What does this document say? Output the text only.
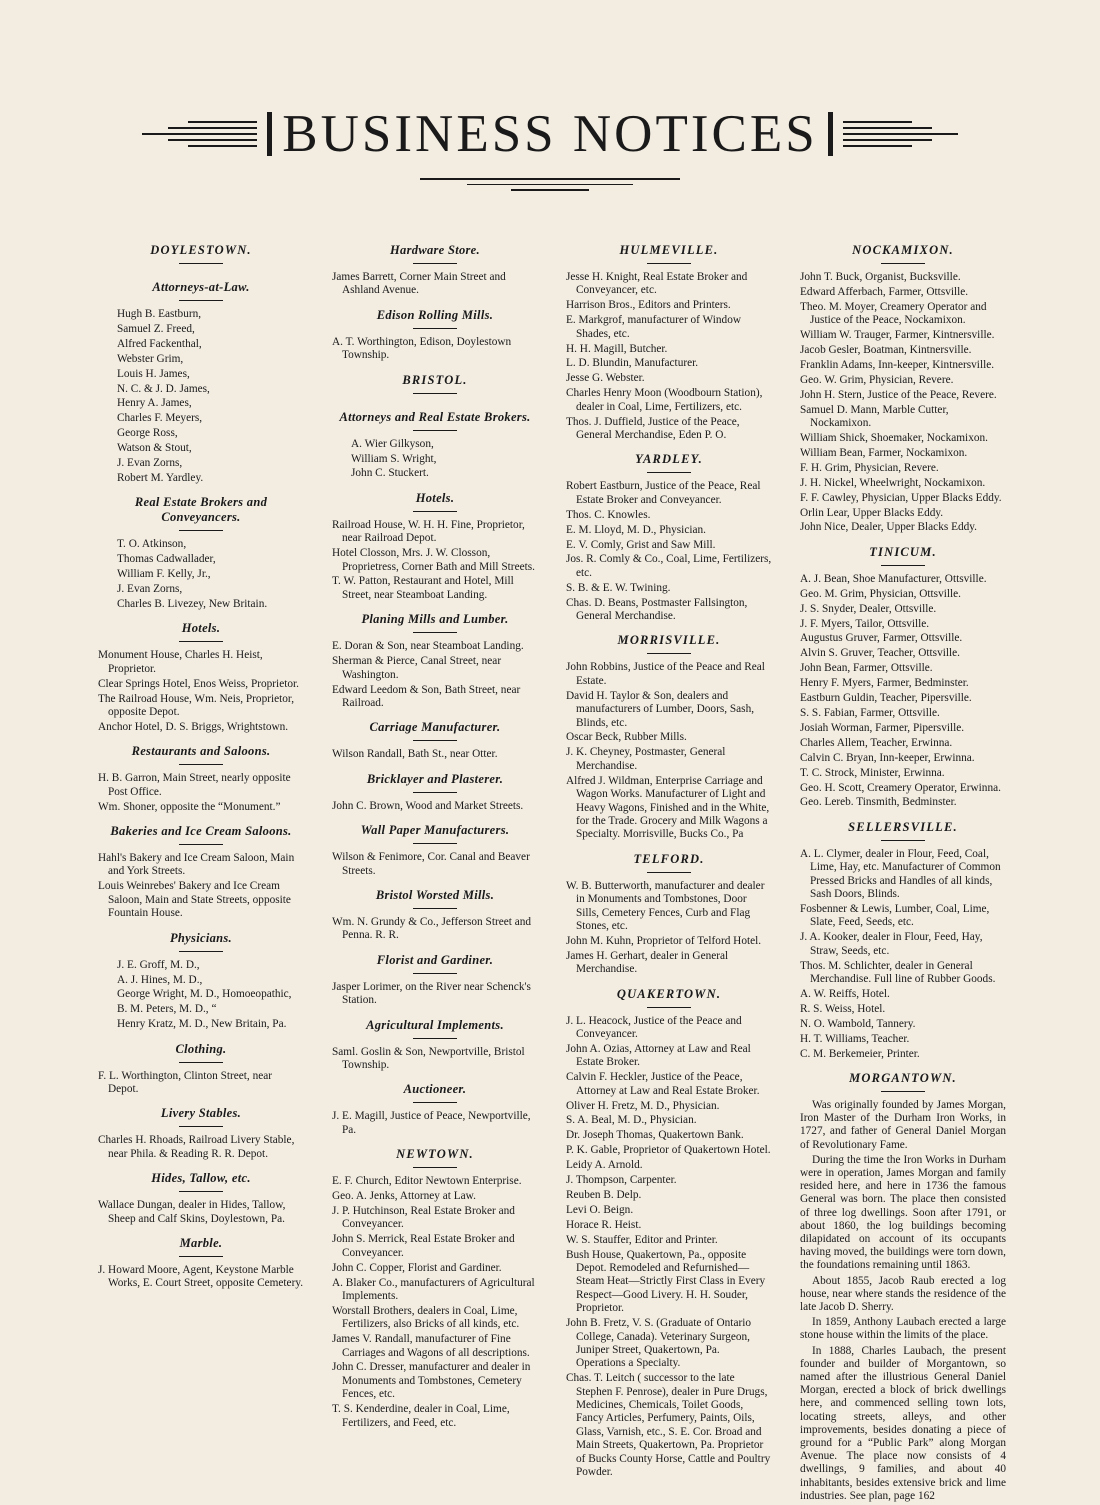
BUSINESS NOTICES
DOYLESTOWN.
Attorneys-at-Law.
Hugh B. Eastburn,
Samuel Z. Freed,
Alfred Fackenthal,
Webster Grim,
Louis H. James,
N. C. & J. D. James,
Henry A. James,
Charles F. Meyers,
George Ross,
Watson & Stout,
J. Evan Zorns,
Robert M. Yardley.
Real Estate Brokers and Conveyancers.
T. O. Atkinson,
Thomas Cadwallader,
William F. Kelly, Jr.,
J. Evan Zorns,
Charles B. Livezey, New Britain.
Hotels.
Monument House, Charles H. Heist, Proprietor.
Clear Springs Hotel, Enos Weiss, Proprietor.
The Railroad House, Wm. Neis, Proprietor, opposite Depot.
Anchor Hotel, D. S. Briggs, Wrightstown.
Restaurants and Saloons.
H. B. Garron, Main Street, nearly opposite Post Office.
Wm. Shoner, opposite the “Monument.”
Bakeries and Ice Cream Saloons.
Hahl's Bakery and Ice Cream Saloon, Main and York Streets.
Louis Weinrebes' Bakery and Ice Cream Saloon, Main and State Streets, opposite Fountain House.
Physicians.
J. E. Groff, M. D.,
A. J. Hines, M. D.,
George Wright, M. D., Homoeopathic,
B. M. Peters, M. D., “
Henry Kratz, M. D., New Britain, Pa.
Clothing.
F. L. Worthington, Clinton Street, near Depot.
Livery Stables.
Charles H. Rhoads, Railroad Livery Stable, near Phila. & Reading R. R. Depot.
Hides, Tallow, etc.
Wallace Dungan, dealer in Hides, Tallow, Sheep and Calf Skins, Doylestown, Pa.
Marble.
J. Howard Moore, Agent, Keystone Marble Works, E. Court Street, opposite Cemetery.
Hardware Store.
James Barrett, Corner Main Street and Ashland Avenue.
Edison Rolling Mills.
A. T. Worthington, Edison, Doylestown Township.
BRISTOL.
Attorneys and Real Estate Brokers.
A. Wier Gilkyson,
William S. Wright,
John C. Stuckert.
Hotels.
Railroad House, W. H. H. Fine, Proprietor, near Railroad Depot.
Hotel Closson, Mrs. J. W. Closson, Proprietress, Corner Bath and Mill Streets.
T. W. Patton, Restaurant and Hotel, Mill Street, near Steamboat Landing.
Planing Mills and Lumber.
E. Doran & Son, near Steamboat Landing.
Sherman & Pierce, Canal Street, near Washington.
Edward Leedom & Son, Bath Street, near Railroad.
Carriage Manufacturer.
Wilson Randall, Bath St., near Otter.
Bricklayer and Plasterer.
John C. Brown, Wood and Market Streets.
Wall Paper Manufacturers.
Wilson & Fenimore, Cor. Canal and Beaver Streets.
Bristol Worsted Mills.
Wm. N. Grundy & Co., Jefferson Street and Penna. R. R.
Florist and Gardiner.
Jasper Lorimer, on the River near Schenck's Station.
Agricultural Implements.
Saml. Goslin & Son, Newportville, Bristol Township.
Auctioneer.
J. E. Magill, Justice of Peace, Newportville, Pa.
NEWTOWN.
E. F. Church, Editor Newtown Enterprise.
Geo. A. Jenks, Attorney at Law.
J. P. Hutchinson, Real Estate Broker and Conveyancer.
John S. Merrick, Real Estate Broker and Conveyancer.
John C. Copper, Florist and Gardiner.
A. Blaker Co., manufacturers of Agricultural Implements.
Worstall Brothers, dealers in Coal, Lime, Fertilizers, also Bricks of all kinds, etc.
James V. Randall, manufacturer of Fine Carriages and Wagons of all descriptions.
John C. Dresser, manufacturer and dealer in Monuments and Tombstones, Cemetery Fences, etc.
T. S. Kenderdine, dealer in Coal, Lime, Fertilizers, and Feed, etc.
HULMEVILLE.
Jesse H. Knight, Real Estate Broker and Conveyancer, etc.
Harrison Bros., Editors and Printers.
E. Markgrof, manufacturer of Window Shades, etc.
H. H. Magill, Butcher.
L. D. Blundin, Manufacturer.
Jesse G. Webster.
Charles Henry Moon (Woodbourn Station), dealer in Coal, Lime, Fertilizers, etc.
Thos. J. Duffield, Justice of the Peace, General Merchandise, Eden P. O.
YARDLEY.
Robert Eastburn, Justice of the Peace, Real Estate Broker and Conveyancer.
Thos. C. Knowles.
E. M. Lloyd, M. D., Physician.
E. V. Comly, Grist and Saw Mill.
Jos. R. Comly & Co., Coal, Lime, Fertilizers, etc.
S. B. & E. W. Twining.
Chas. D. Beans, Postmaster Fallsington, General Merchandise.
MORRISVILLE.
John Robbins, Justice of the Peace and Real Estate.
David H. Taylor & Son, dealers and manufacturers of Lumber, Doors, Sash, Blinds, etc.
Oscar Beck, Rubber Mills.
J. K. Cheyney, Postmaster, General Merchandise.
Alfred J. Wildman, Enterprise Carriage and Wagon Works. Manufacturer of Light and Heavy Wagons, Finished and in the White, for the Trade. Grocery and Milk Wagons a Specialty. Morrisville, Bucks Co., Pa
TELFORD.
W. B. Butterworth, manufacturer and dealer in Monuments and Tombstones, Door Sills, Cemetery Fences, Curb and Flag Stones, etc.
John M. Kuhn, Proprietor of Telford Hotel.
James H. Gerhart, dealer in General Merchandise.
QUAKERTOWN.
J. L. Heacock, Justice of the Peace and Conveyancer.
John A. Ozias, Attorney at Law and Real Estate Broker.
Calvin F. Heckler, Justice of the Peace, Attorney at Law and Real Estate Broker.
Oliver H. Fretz, M. D., Physician.
S. A. Beal, M. D., Physician.
Dr. Joseph Thomas, Quakertown Bank.
P. K. Gable, Proprietor of Quakertown Hotel.
Leidy A. Arnold.
J. Thompson, Carpenter.
Reuben B. Delp.
Levi O. Beign.
Horace R. Heist.
W. S. Stauffer, Editor and Printer.
Bush House, Quakertown, Pa., opposite Depot. Remodeled and Refurnished—Steam Heat—Strictly First Class in Every Respect—Good Livery. H. H. Souder, Proprietor.
John B. Fretz, V. S. (Graduate of Ontario College, Canada). Veterinary Surgeon, Juniper Street, Quakertown, Pa. Operations a Specialty.
Chas. T. Leitch ( successor to the late Stephen F. Penrose), dealer in Pure Drugs, Medicines, Chemicals, Toilet Goods, Fancy Articles, Perfumery, Paints, Oils, Glass, Varnish, etc., S. E. Cor. Broad and Main Streets, Quakertown, Pa. Proprietor of Bucks County Horse, Cattle and Poultry Powder.
NOCKAMIXON.
John T. Buck, Organist, Bucksville.
Edward Afferbach, Farmer, Ottsville.
Theo. M. Moyer, Creamery Operator and Justice of the Peace, Nockamixon.
William W. Trauger, Farmer, Kintnersville.
Jacob Gesler, Boatman, Kintnersville.
Franklin Adams, Inn-keeper, Kintnersville.
Geo. W. Grim, Physician, Revere.
John H. Stern, Justice of the Peace, Revere.
Samuel D. Mann, Marble Cutter, Nockamixon.
William Shick, Shoemaker, Nockamixon.
William Bean, Farmer, Nockamixon.
F. H. Grim, Physician, Revere.
J. H. Nickel, Wheelwright, Nockamixon.
F. F. Cawley, Physician, Upper Blacks Eddy.
Orlin Lear, Upper Blacks Eddy.
John Nice, Dealer, Upper Blacks Eddy.
TINICUM.
A. J. Bean, Shoe Manufacturer, Ottsville.
Geo. M. Grim, Physician, Ottsville.
J. S. Snyder, Dealer, Ottsville.
J. F. Myers, Tailor, Ottsville.
Augustus Gruver, Farmer, Ottsville.
Alvin S. Gruver, Teacher, Ottsville.
John Bean, Farmer, Ottsville.
Henry F. Myers, Farmer, Bedminster.
Eastburn Guldin, Teacher, Pipersville.
S. S. Fabian, Farmer, Ottsville.
Josiah Worman, Farmer, Pipersville.
Charles Allem, Teacher, Erwinna.
Calvin C. Bryan, Inn-keeper, Erwinna.
T. C. Strock, Minister, Erwinna.
Geo. H. Scott, Creamery Operator, Erwinna.
Geo. Lereb. Tinsmith, Bedminster.
SELLERSVILLE.
A. L. Clymer, dealer in Flour, Feed, Coal, Lime, Hay, etc. Manufacturer of Common Pressed Bricks and Handles of all kinds, Sash Doors, Blinds.
Fosbenner & Lewis, Lumber, Coal, Lime, Slate, Feed, Seeds, etc.
J. A. Kooker, dealer in Flour, Feed, Hay, Straw, Seeds, etc.
Thos. M. Schlichter, dealer in General Merchandise. Full line of Rubber Goods.
A. W. Reiffs, Hotel.
R. S. Weiss, Hotel.
N. O. Wambold, Tannery.
H. T. Williams, Teacher.
C. M. Berkemeier, Printer.
MORGANTOWN.

Was originally founded by James Morgan, Iron Master of the Durham Iron Works, in 1727, and father of General Daniel Morgan of Revolutionary Fame.

During the time the Iron Works in Durham were in operation, James Morgan and family resided here, and here in 1736 the famous General was born. The place then consisted of three log dwellings. Soon after 1791, or about 1860, the log buildings becoming dilapidated on account of its occupants having moved, the buildings were torn down, the foundations remaining until 1863.

About 1855, Jacob Raub erected a log house, near where stands the residence of the late Jacob D. Sherry.

In 1859, Anthony Laubach erected a large stone house within the limits of the place.

In 1888, Charles Laubach, the present founder and builder of Morgantown, so named after the illustrious General Daniel Morgan, erected a block of brick dwellings here, and commenced selling town lots, locating streets, alleys, and other improvements, besides donating a piece of ground for a “Public Park” along Morgan Avenue. The place now consists of 4 dwellings, 9 families, and about 40 inhabitants, besides extensive brick and lime industries. See plan, page 162
